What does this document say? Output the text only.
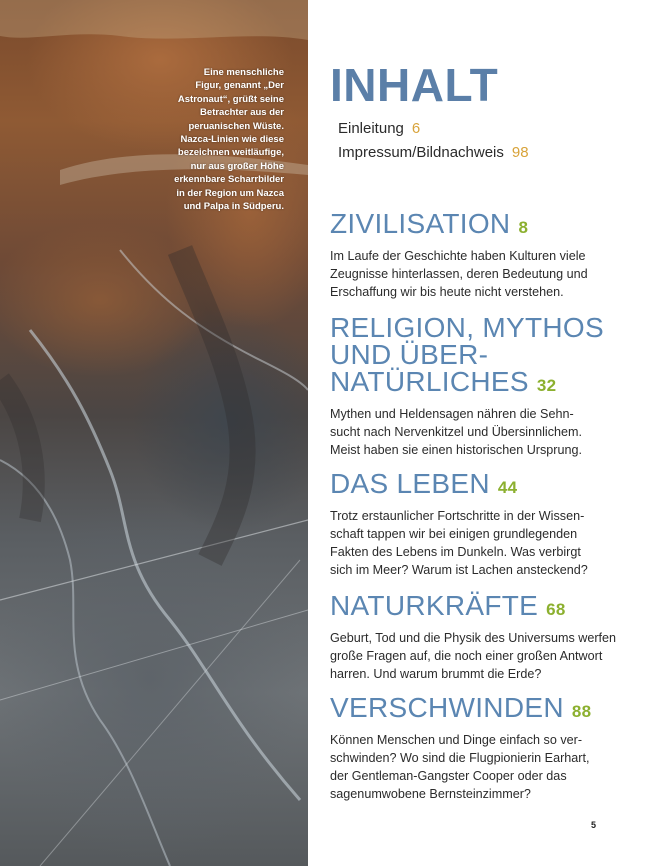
Eine menschliche

Figur, genannt „Der

Astronaut“, grüßt seine

Betrachter aus der

peruanischen Wüste.

Nazca-Linien wie diese

bezeichnen weitläufige,

nur aus großer Höhe

erkennbare Scharrbilder

in der Region um Nazca

und Palpa in Südperu.

INHALT
Einleitung 6
Impressum/Bildnachweis 98
ZIVILISATION 8

Im Laufe der Geschichte haben Kulturen viele
Zeugnisse hinterlassen, deren Bedeutung und
Erschaffung wir bis heute nicht verstehen.

RELIGION, MYTHOS
UND ÜBER-
NATÜRLICHES 32

Mythen und Heldensagen nähren die Sehn-
sucht nach Nervenkitzel und Übersinnlichem.
Meist haben sie einen historischen Ursprung.

DAS LEBEN 44

Trotz erstaunlicher Fortschritte in der Wissen-
schaft tappen wir bei einigen grundlegenden
Fakten des Lebens im Dunkeln. Was verbirgt
sich im Meer? Warum ist Lachen ansteckend?

NATURKRÄFTE 68

Geburt, Tod und die Physik des Universums werfen
große Fragen auf, die noch einer großen Antwort
harren. Und warum brummt die Erde?

VERSCHWINDEN 88

Können Menschen und Dinge einfach so ver-
schwinden? Wo sind die Flugpionierin Earhart,
der Gentleman-Gangster Cooper oder das
sagenumwobene Bernsteinzimmer?

5
